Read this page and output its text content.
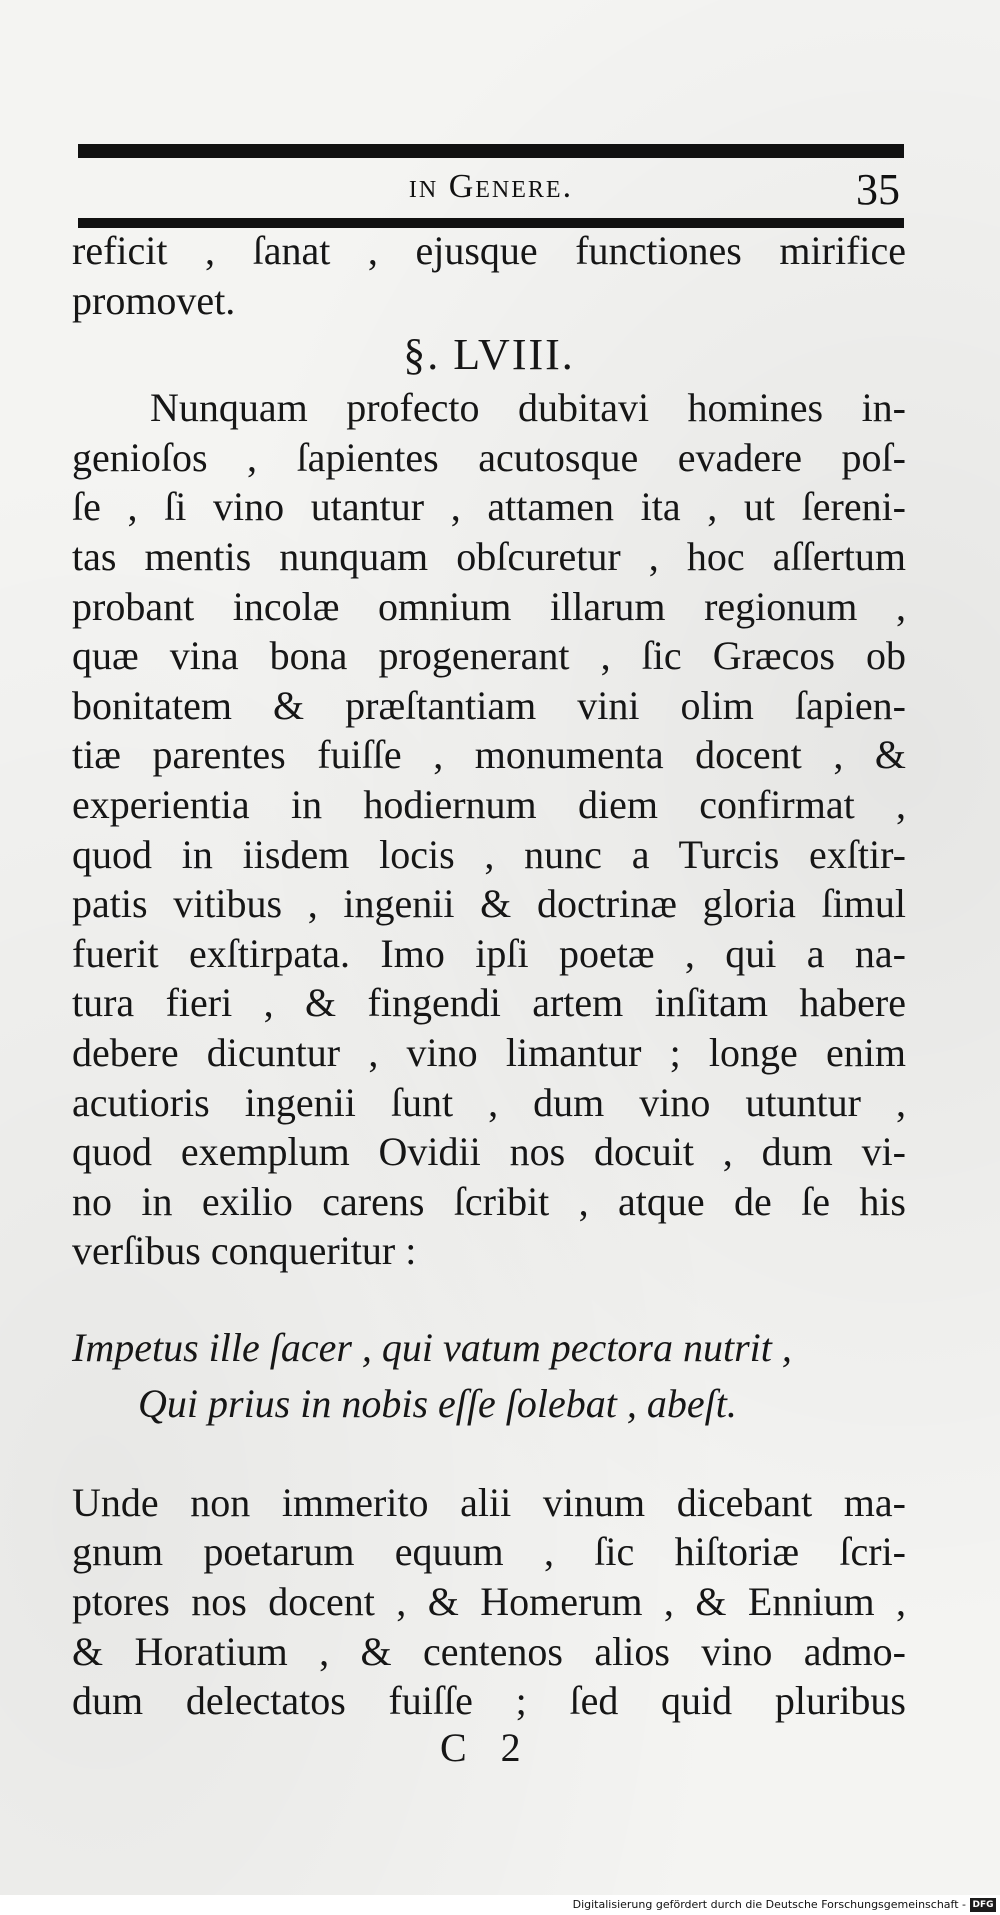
in Genere.	35
reficit , ſanat , ejusque functiones mirifice
promovet.
§. LVIII.
Nunquam profecto dubitavi homines in-
genioſos , ſapientes acutosque evadere poſ-
ſe , ſi vino utantur , attamen ita , ut ſereni-
tas mentis nunquam obſcuretur , hoc aſſertum
probant incolæ omnium illarum regionum ,
quæ vina bona progenerant , ſic Græcos ob
bonitatem & præſtantiam vini olim ſapien-
tiæ parentes fuiſſe , monumenta docent , &
experientia in hodiernum diem confirmat ,
quod in iisdem locis , nunc a Turcis exſtir-
patis vitibus , ingenii & doctrinæ gloria ſimul
fuerit exſtirpata. Imo ipſi poetæ , qui a na-
tura fieri , & fingendi artem inſitam habere
debere dicuntur , vino limantur ; longe enim
acutioris ingenii ſunt , dum vino utuntur ,
quod exemplum Ovidii nos docuit , dum vi-
no in exilio carens ſcribit , atque de ſe his
verſibus conqueritur :
Impetus ille ſacer , qui vatum pectora nutrit ,
Qui prius in nobis eſſe ſolebat , abeſt.
Unde non immerito alii vinum dicebant ma-
gnum poetarum equum , ſic hiſtoriæ ſcri-
ptores nos docent , & Homerum , & Ennium ,
& Horatium , & centenos alios vino admo-
dum delectatos fuiſſe ; ſed quid pluribus
C 2
Digitalisierung gefördert durch die Deutsche Forschungsgemeinschaft - DFG
